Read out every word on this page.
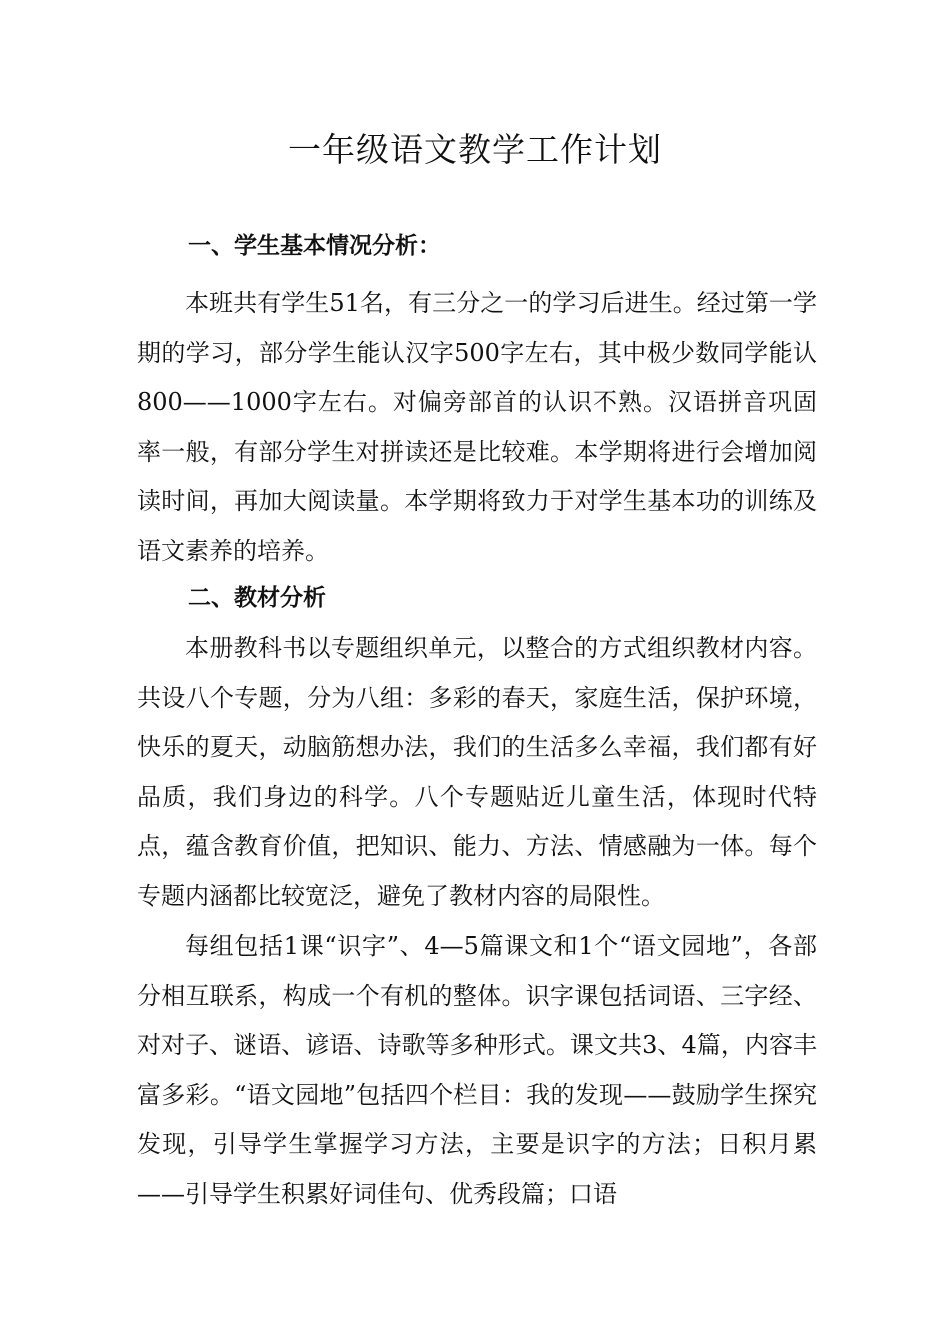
一年级语文教学工作计划
一、学生基本情况分析：

本班共有学生51名，有三分之一的学习后进生。经过第一学期的学习，部分学生能认汉字500字左右，其中极少数同学能认800——1000字左右。对偏旁部首的认识不熟。汉语拼音巩固率一般，有部分学生对拼读还是比较难。本学期将进行会增加阅读时间，再加大阅读量。本学期将致力于对学生基本功的训练及语文素养的培养。

二、教材分析

本册教科书以专题组织单元，以整合的方式组织教材内容。共设八个专题，分为八组：多彩的春天，家庭生活，保护环境，快乐的夏天，动脑筋想办法，我们的生活多么幸福，我们都有好品质，我们身边的科学。八个专题贴近儿童生活，体现时代特点，蕴含教育价值，把知识、能力、方法、情感融为一体。每个专题内涵都比较宽泛，避免了教材内容的局限性。

每组包括1课“识字”、4—5篇课文和1个“语文园地”，各部分相互联系，构成一个有机的整体。识字课包括词语、三字经、对对子、谜语、谚语、诗歌等多种形式。课文共3、4篇，内容丰富多彩。“语文园地”包括四个栏目：我的发现——鼓励学生探究发现，引导学生掌握学习方法，主要是识字的方法；日积月累——引导学生积累好词佳句、优秀段篇；口语
